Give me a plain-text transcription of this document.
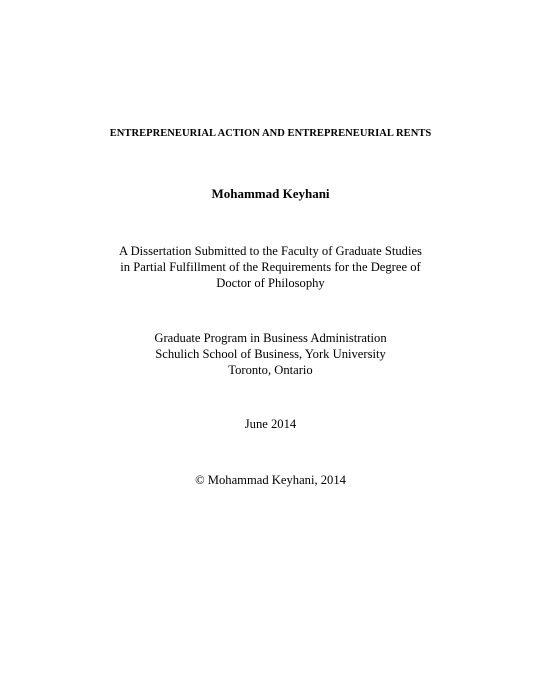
ENTREPRENEURIAL ACTION AND ENTREPRENEURIAL RENTS
Mohammad Keyhani
A Dissertation Submitted to the Faculty of Graduate Studies
in Partial Fulfillment of the Requirements for the Degree of
Doctor of Philosophy
Graduate Program in Business Administration
Schulich School of Business, York University
Toronto, Ontario
June 2014
© Mohammad Keyhani, 2014
